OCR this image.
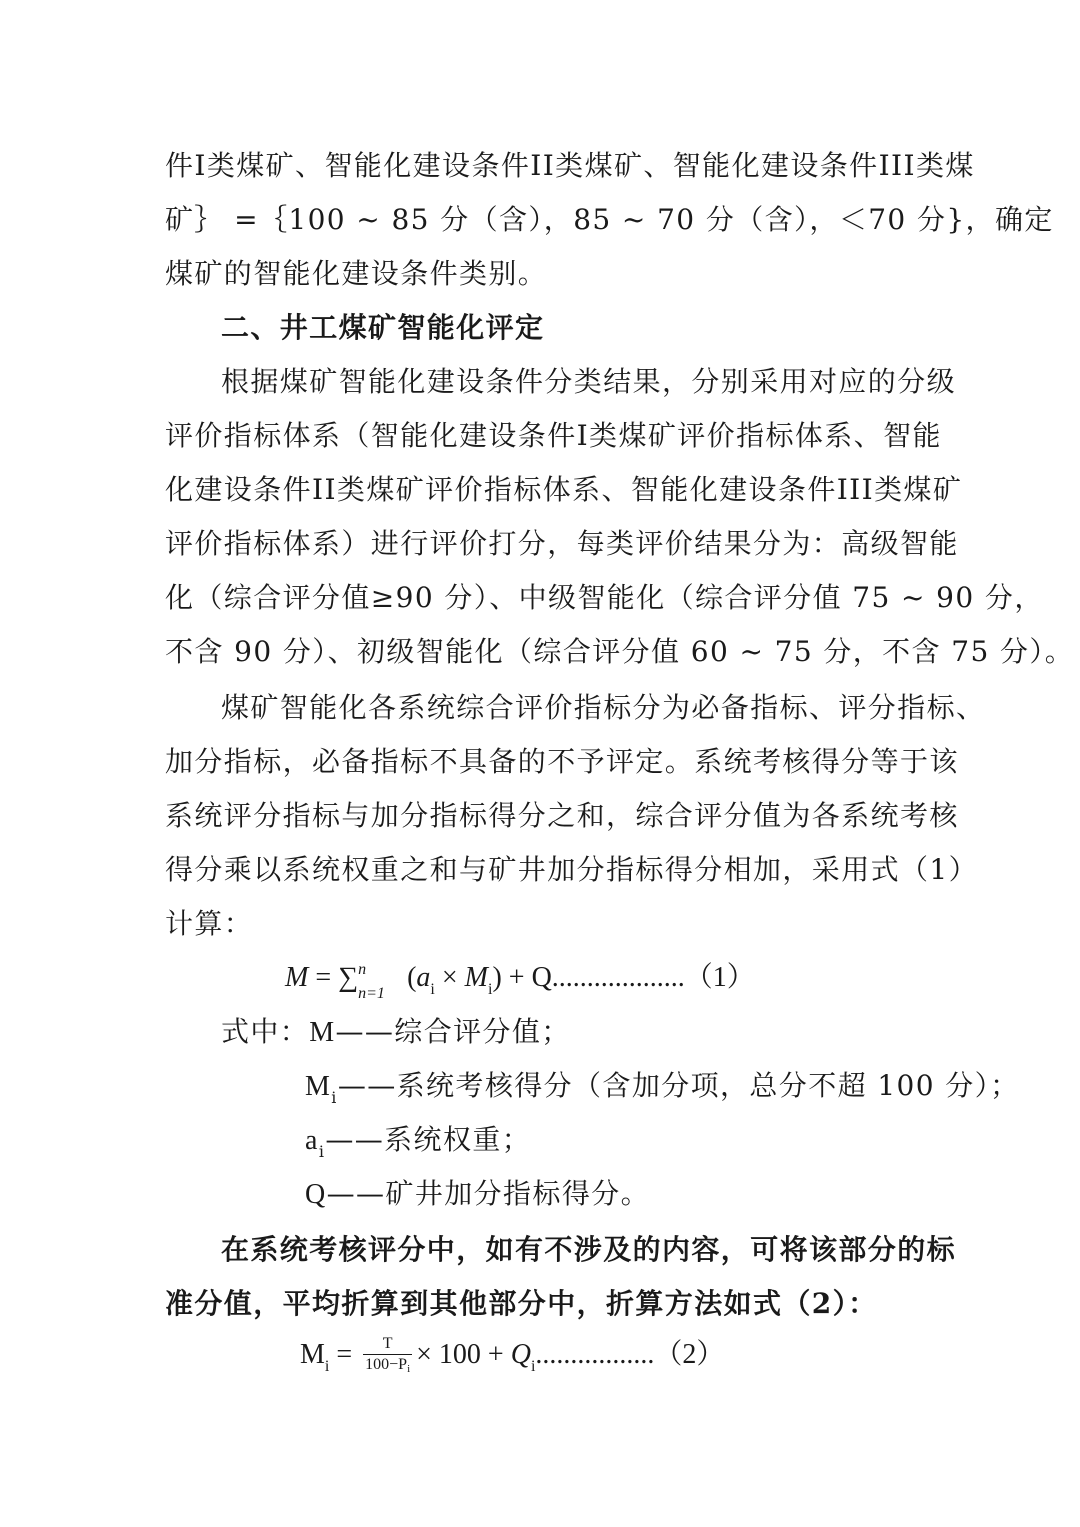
件I类煤矿、智能化建设条件II类煤矿、智能化建设条件III类煤
矿｝ =｛100 ~ 85 分（含），85 ~ 70 分（含），＜70 分}，确定
煤矿的智能化建设条件类别。
二、井工煤矿智能化评定
根据煤矿智能化建设条件分类结果，分别采用对应的分级
评价指标体系（智能化建设条件I类煤矿评价指标体系、智能
化建设条件II类煤矿评价指标体系、智能化建设条件III类煤矿
评价指标体系）进行评价打分，每类评价结果分为：高级智能
化（综合评分值≥90 分）、中级智能化（综合评分值 75 ~ 90 分，
不含 90 分）、初级智能化（综合评分值 60 ~ 75 分，不含 75 分）。
煤矿智能化各系统综合评价指标分为必备指标、评分指标、
加分指标，必备指标不具备的不予评定。系统考核得分等于该
系统评分指标与加分指标得分之和，综合评分值为各系统考核
得分乘以系统权重之和与矿井加分指标得分相加，采用式（1）
计算：
M = ∑ n
n=1
$(a_i \times M_i) + Q...................(1)$
式中：M——综合评分值；
$M_i——$系统考核得分（含加分项，总分不超 100 分）；
$a_i——$系统权重；
Q——矿井加分指标得分。
在系统考核评分中，如有不涉及的内容，可将该部分的标
准分值，平均折算到其他部分中，折算方法如式（2）：
$M_i = \frac{T}{100-Pi} \times 100 + Q_i.................(2)$
